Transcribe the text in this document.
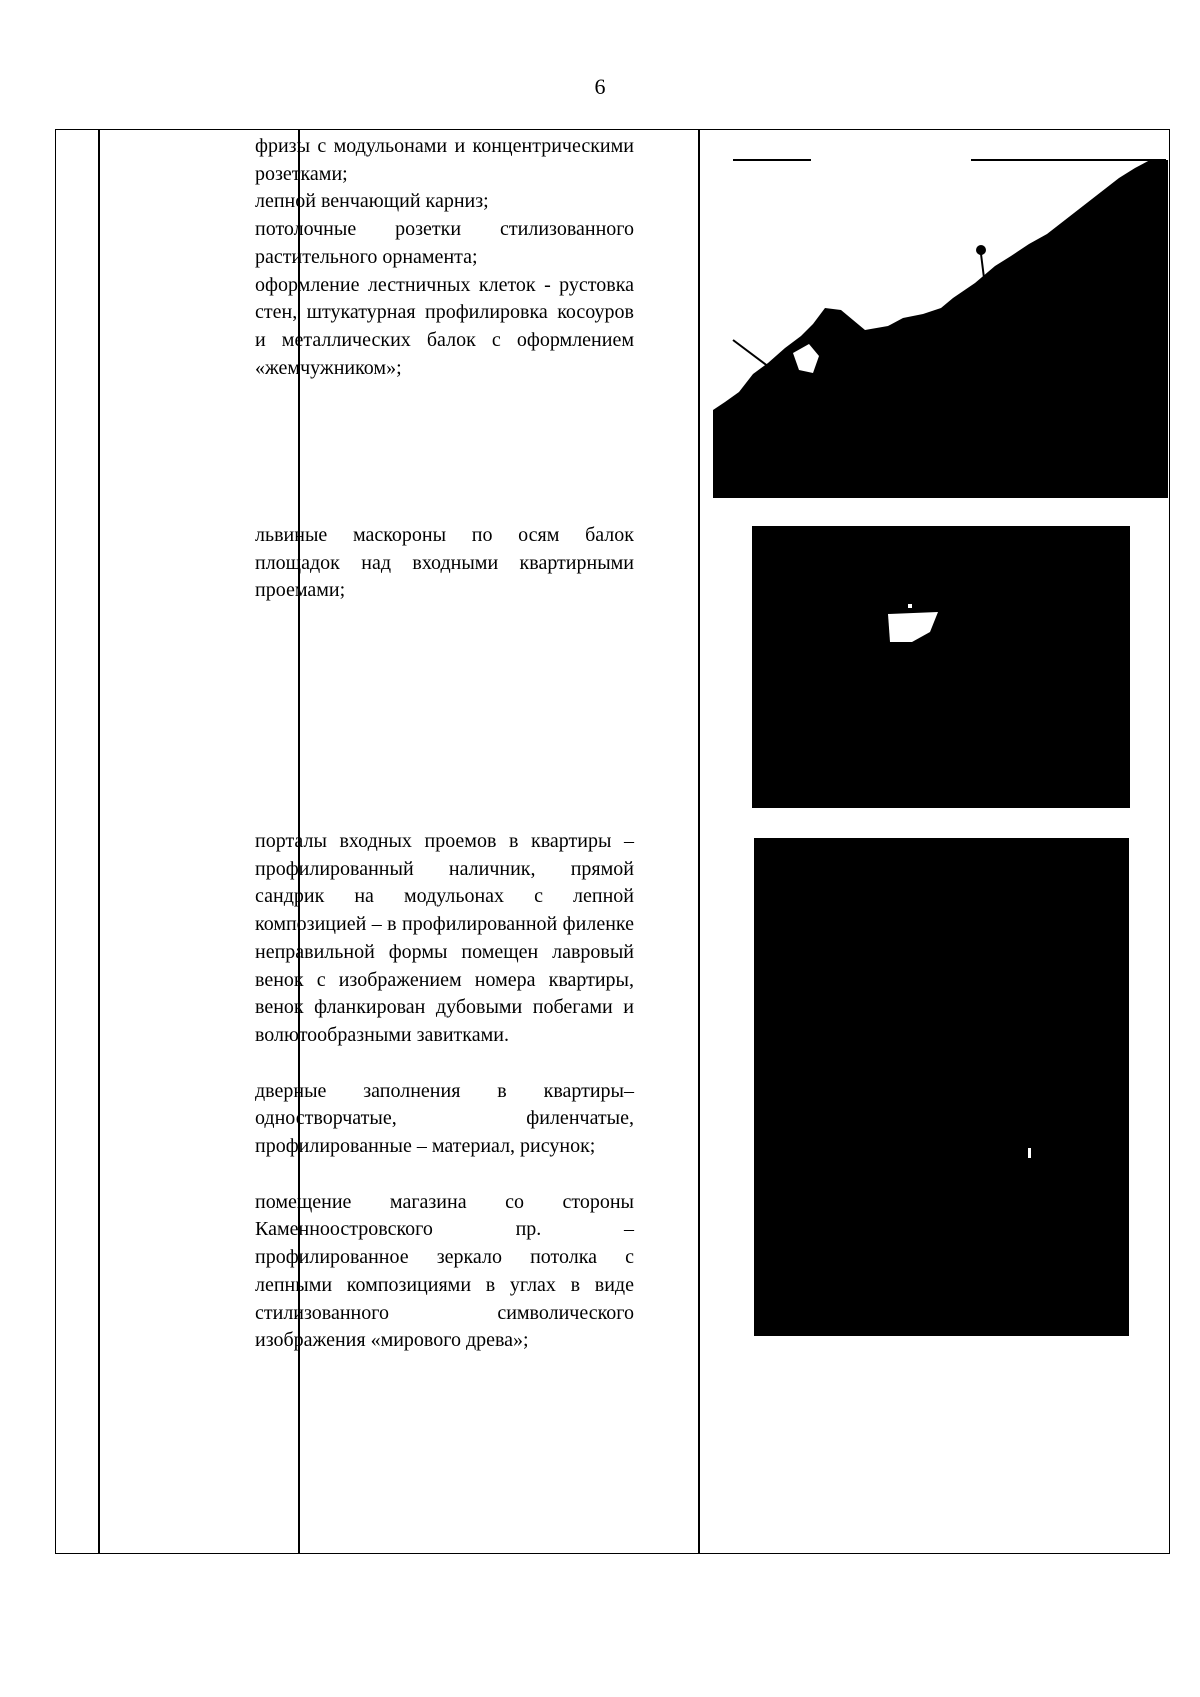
6

фризы с модульонами и концентрическими розетками;

лепной венчающий карниз;

потолочные розетки стилизованного растительного орнамента;

оформление лестничных клеток - рустовка стен, штукатурная профилировка косоуров и металлических балок с оформлением «жемчужником»;

львиные маскороны по осям балок площадок над входными квартирными проемами;

порталы входных проемов в квартиры – профилированный наличник, прямой сандрик на модульонах с лепной композицией – в профилированной филенке неправильной формы помещен лавровый венок с изображением номера квартиры, венок фланкирован дубовыми побегами и волютообразными завитками.

дверные заполнения в квартиры– одностворчатые, филенчатые, профилированные – материал, рисунок;

помещение магазина со стороны Каменноостровского пр. – профилированное зеркало потолка с лепными композициями в углах в виде стилизованного символического изображения «мирового древа»;
